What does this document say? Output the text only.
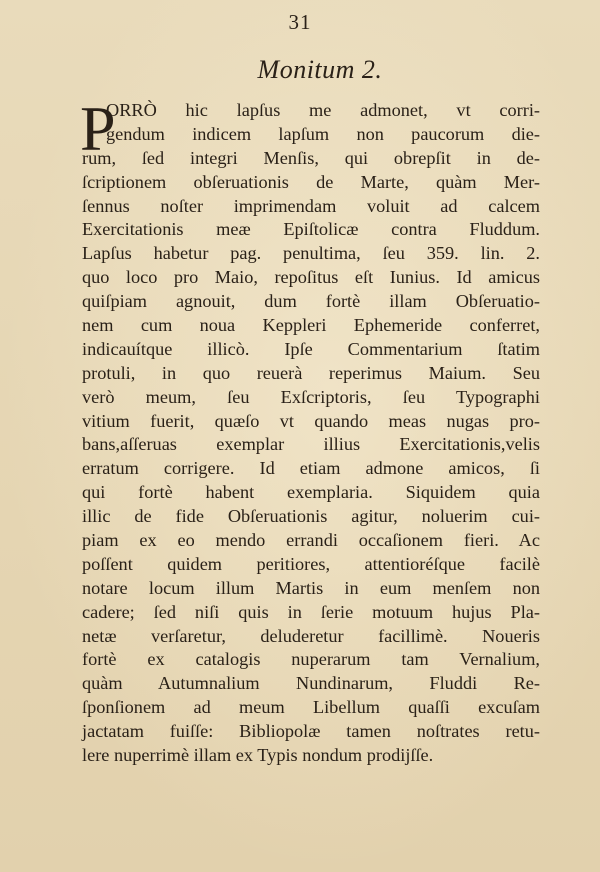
31
Monitum 2.
P
ORRÒ hic lapſus me admonet, vt corri-
gendum indicem lapſum non paucorum die-
rum, ſed integri Menſis, qui obrepſit in de-
ſcriptionem obſeruationis de Marte, quàm Mer-
ſennus noſter imprimendam voluit ad calcem
Exercitationis meæ Epiſtolicæ contra Fluddum.
Lapſus habetur pag. penultima, ſeu 359. lin. 2.
quo loco pro Maio, repoſitus eſt Iunius. Id amicus
quiſpiam agnouit, dum fortè illam Obſeruatio-
nem cum noua Keppleri Ephemeride conferret,
indicauítque illicò. Ipſe Commentarium ſtatim
protuli, in quo reuerà reperimus Maium. Seu
verò meum, ſeu Exſcriptoris, ſeu Typographi
vitium fuerit, quæſo vt quando meas nugas pro-
bans,aſſeruas exemplar illius Exercitationis,velis
erratum corrigere. Id etiam admone amicos, ſi
qui fortè habent exemplaria. Siquidem quia
illic de fide Obſeruationis agitur, noluerim cui-
piam ex eo mendo errandi occaſionem fieri. Ac
poſſent quidem peritiores, attentioréſque facilè
notare locum illum Martis in eum menſem non
cadere; ſed niſi quis in ſerie motuum hujus Pla-
netæ verſaretur, deluderetur facillimè. Noueris
fortè ex catalogis nuperarum tam Vernalium,
quàm Autumnalium Nundinarum, Fluddi Re-
ſponſionem ad meum Libellum quaſſi excuſam
jactatam fuiſſe: Bibliopolæ tamen noſtrates retu-
lere nuperrimè illam ex Typis nondum prodijſſe.
